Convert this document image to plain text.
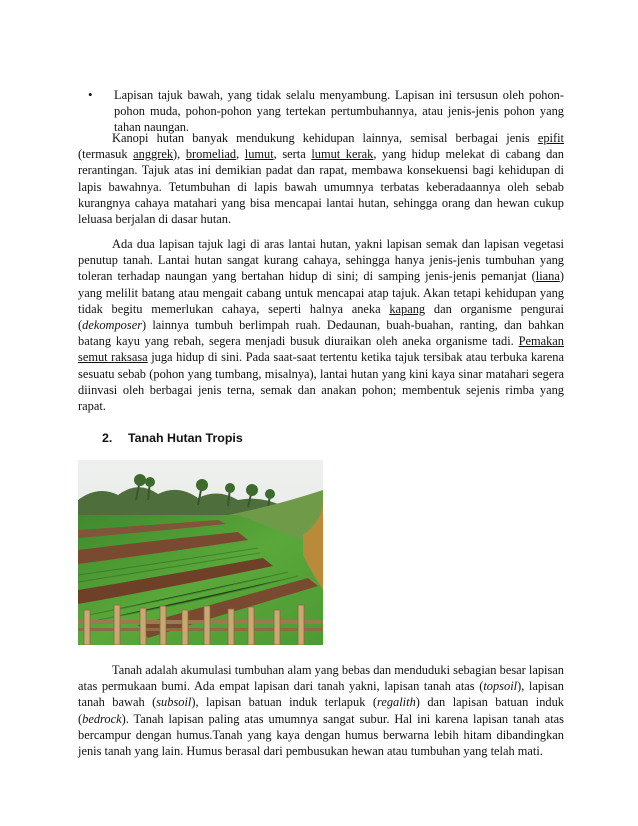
• Lapisan tajuk bawah, yang tidak selalu menyambung. Lapisan ini tersusun oleh pohon-pohon muda, pohon-pohon yang tertekan pertumbuhannya, atau jenis-jenis pohon yang tahan naungan.

Kanopi hutan banyak mendukung kehidupan lainnya, semisal berbagai jenis epifit (termasuk anggrek), bromeliad, lumut, serta lumut kerak, yang hidup melekat di cabang dan rerantingan. Tajuk atas ini demikian padat dan rapat, membawa konsekuensi bagi kehidupan di lapis bawahnya. Tetumbuhan di lapis bawah umumnya terbatas keberadaannya oleh sebab kurangnya cahaya matahari yang bisa mencapai lantai hutan, sehingga orang dan hewan cukup leluasa berjalan di dasar hutan.

Ada dua lapisan tajuk lagi di aras lantai hutan, yakni lapisan semak dan lapisan vegetasi penutup tanah. Lantai hutan sangat kurang cahaya, sehingga hanya jenis-jenis tumbuhan yang toleran terhadap naungan yang bertahan hidup di sini; di samping jenis-jenis pemanjat (liana) yang melilit batang atau mengait cabang untuk mencapai atap tajuk. Akan tetapi kehidupan yang tidak begitu memerlukan cahaya, seperti halnya aneka kapang dan organisme pengurai (dekomposer) lainnya tumbuh berlimpah ruah. Dedaunan, buah-buahan, ranting, dan bahkan batang kayu yang rebah, segera menjadi busuk diuraikan oleh aneka organisme tadi. Pemakan semut raksasa juga hidup di sini. Pada saat-saat tertentu ketika tajuk tersibak atau terbuka karena sesuatu sebab (pohon yang tumbang, misalnya), lantai hutan yang kini kaya sinar matahari segera diinvasi oleh berbagai jenis terna, semak dan anakan pohon; membentuk sejenis rimba yang rapat.

2. Tanah Hutan Tropis

Tanah adalah akumulasi tumbuhan alam yang bebas dan menduduki sebagian besar lapisan atas permukaan bumi. Ada empat lapisan dari tanah yakni, lapisan tanah atas (topsoil), lapisan tanah bawah (subsoil), lapisan batuan induk terlapuk (regalith) dan lapisan batuan induk (bedrock). Tanah lapisan paling atas umumnya sangat subur. Hal ini karena lapisan tanah atas bercampur dengan humus.Tanah yang kaya dengan humus berwarna lebih hitam dibandingkan jenis tanah yang lain. Humus berasal dari pembusukan hewan atau tumbuhan yang telah mati.
